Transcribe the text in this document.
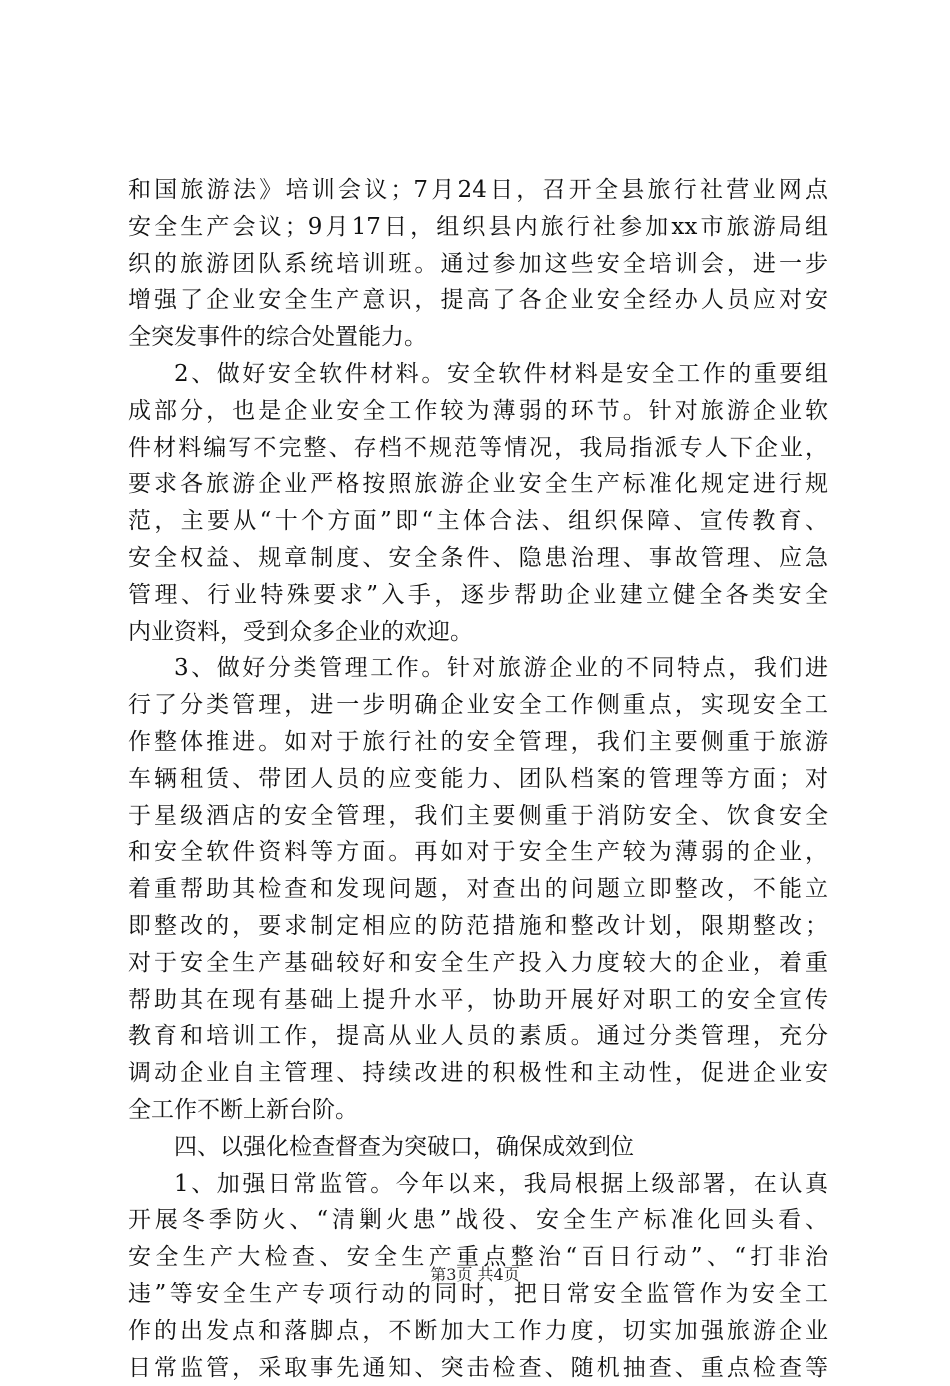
和国旅游法》培训会议；7月24日，召开全县旅行社营业网点
安全生产会议；9月17日，组织县内旅行社参加xx市旅游局组
织的旅游团队系统培训班。通过参加这些安全培训会，进一步
增强了企业安全生产意识，提高了各企业安全经办人员应对安
全突发事件的综合处置能力。
2、做好安全软件材料。安全软件材料是安全工作的重要组
成部分，也是企业安全工作较为薄弱的环节。针对旅游企业软
件材料编写不完整、存档不规范等情况，我局指派专人下企业，
要求各旅游企业严格按照旅游企业安全生产标准化规定进行规
范，主要从“十个方面”即“主体合法、组织保障、宣传教育、
安全权益、规章制度、安全条件、隐患治理、事故管理、应急
管理、行业特殊要求”入手，逐步帮助企业建立健全各类安全
内业资料，受到众多企业的欢迎。
3、做好分类管理工作。针对旅游企业的不同特点，我们进
行了分类管理，进一步明确企业安全工作侧重点，实现安全工
作整体推进。如对于旅行社的安全管理，我们主要侧重于旅游
车辆租赁、带团人员的应变能力、团队档案的管理等方面；对
于星级酒店的安全管理，我们主要侧重于消防安全、饮食安全
和安全软件资料等方面。再如对于安全生产较为薄弱的企业，
着重帮助其检查和发现问题，对查出的问题立即整改，不能立
即整改的，要求制定相应的防范措施和整改计划，限期整改；
对于安全生产基础较好和安全生产投入力度较大的企业，着重
帮助其在现有基础上提升水平，协助开展好对职工的安全宣传
教育和培训工作，提高从业人员的素质。通过分类管理，充分
调动企业自主管理、持续改进的积极性和主动性，促进企业安
全工作不断上新台阶。
四、以强化检查督查为突破口，确保成效到位
1、加强日常监管。今年以来，我局根据上级部署，在认真
开展冬季防火、“清剿火患”战役、安全生产标准化回头看、
安全生产大检查、安全生产重点整治“百日行动”、“打非治
违”等安全生产专项行动的同时，把日常安全监管作为安全工
作的出发点和落脚点，不断加大工作力度，切实加强旅游企业
日常监管，采取事先通知、突击检查、随机抽查、重点检查等
第3页 共4页
